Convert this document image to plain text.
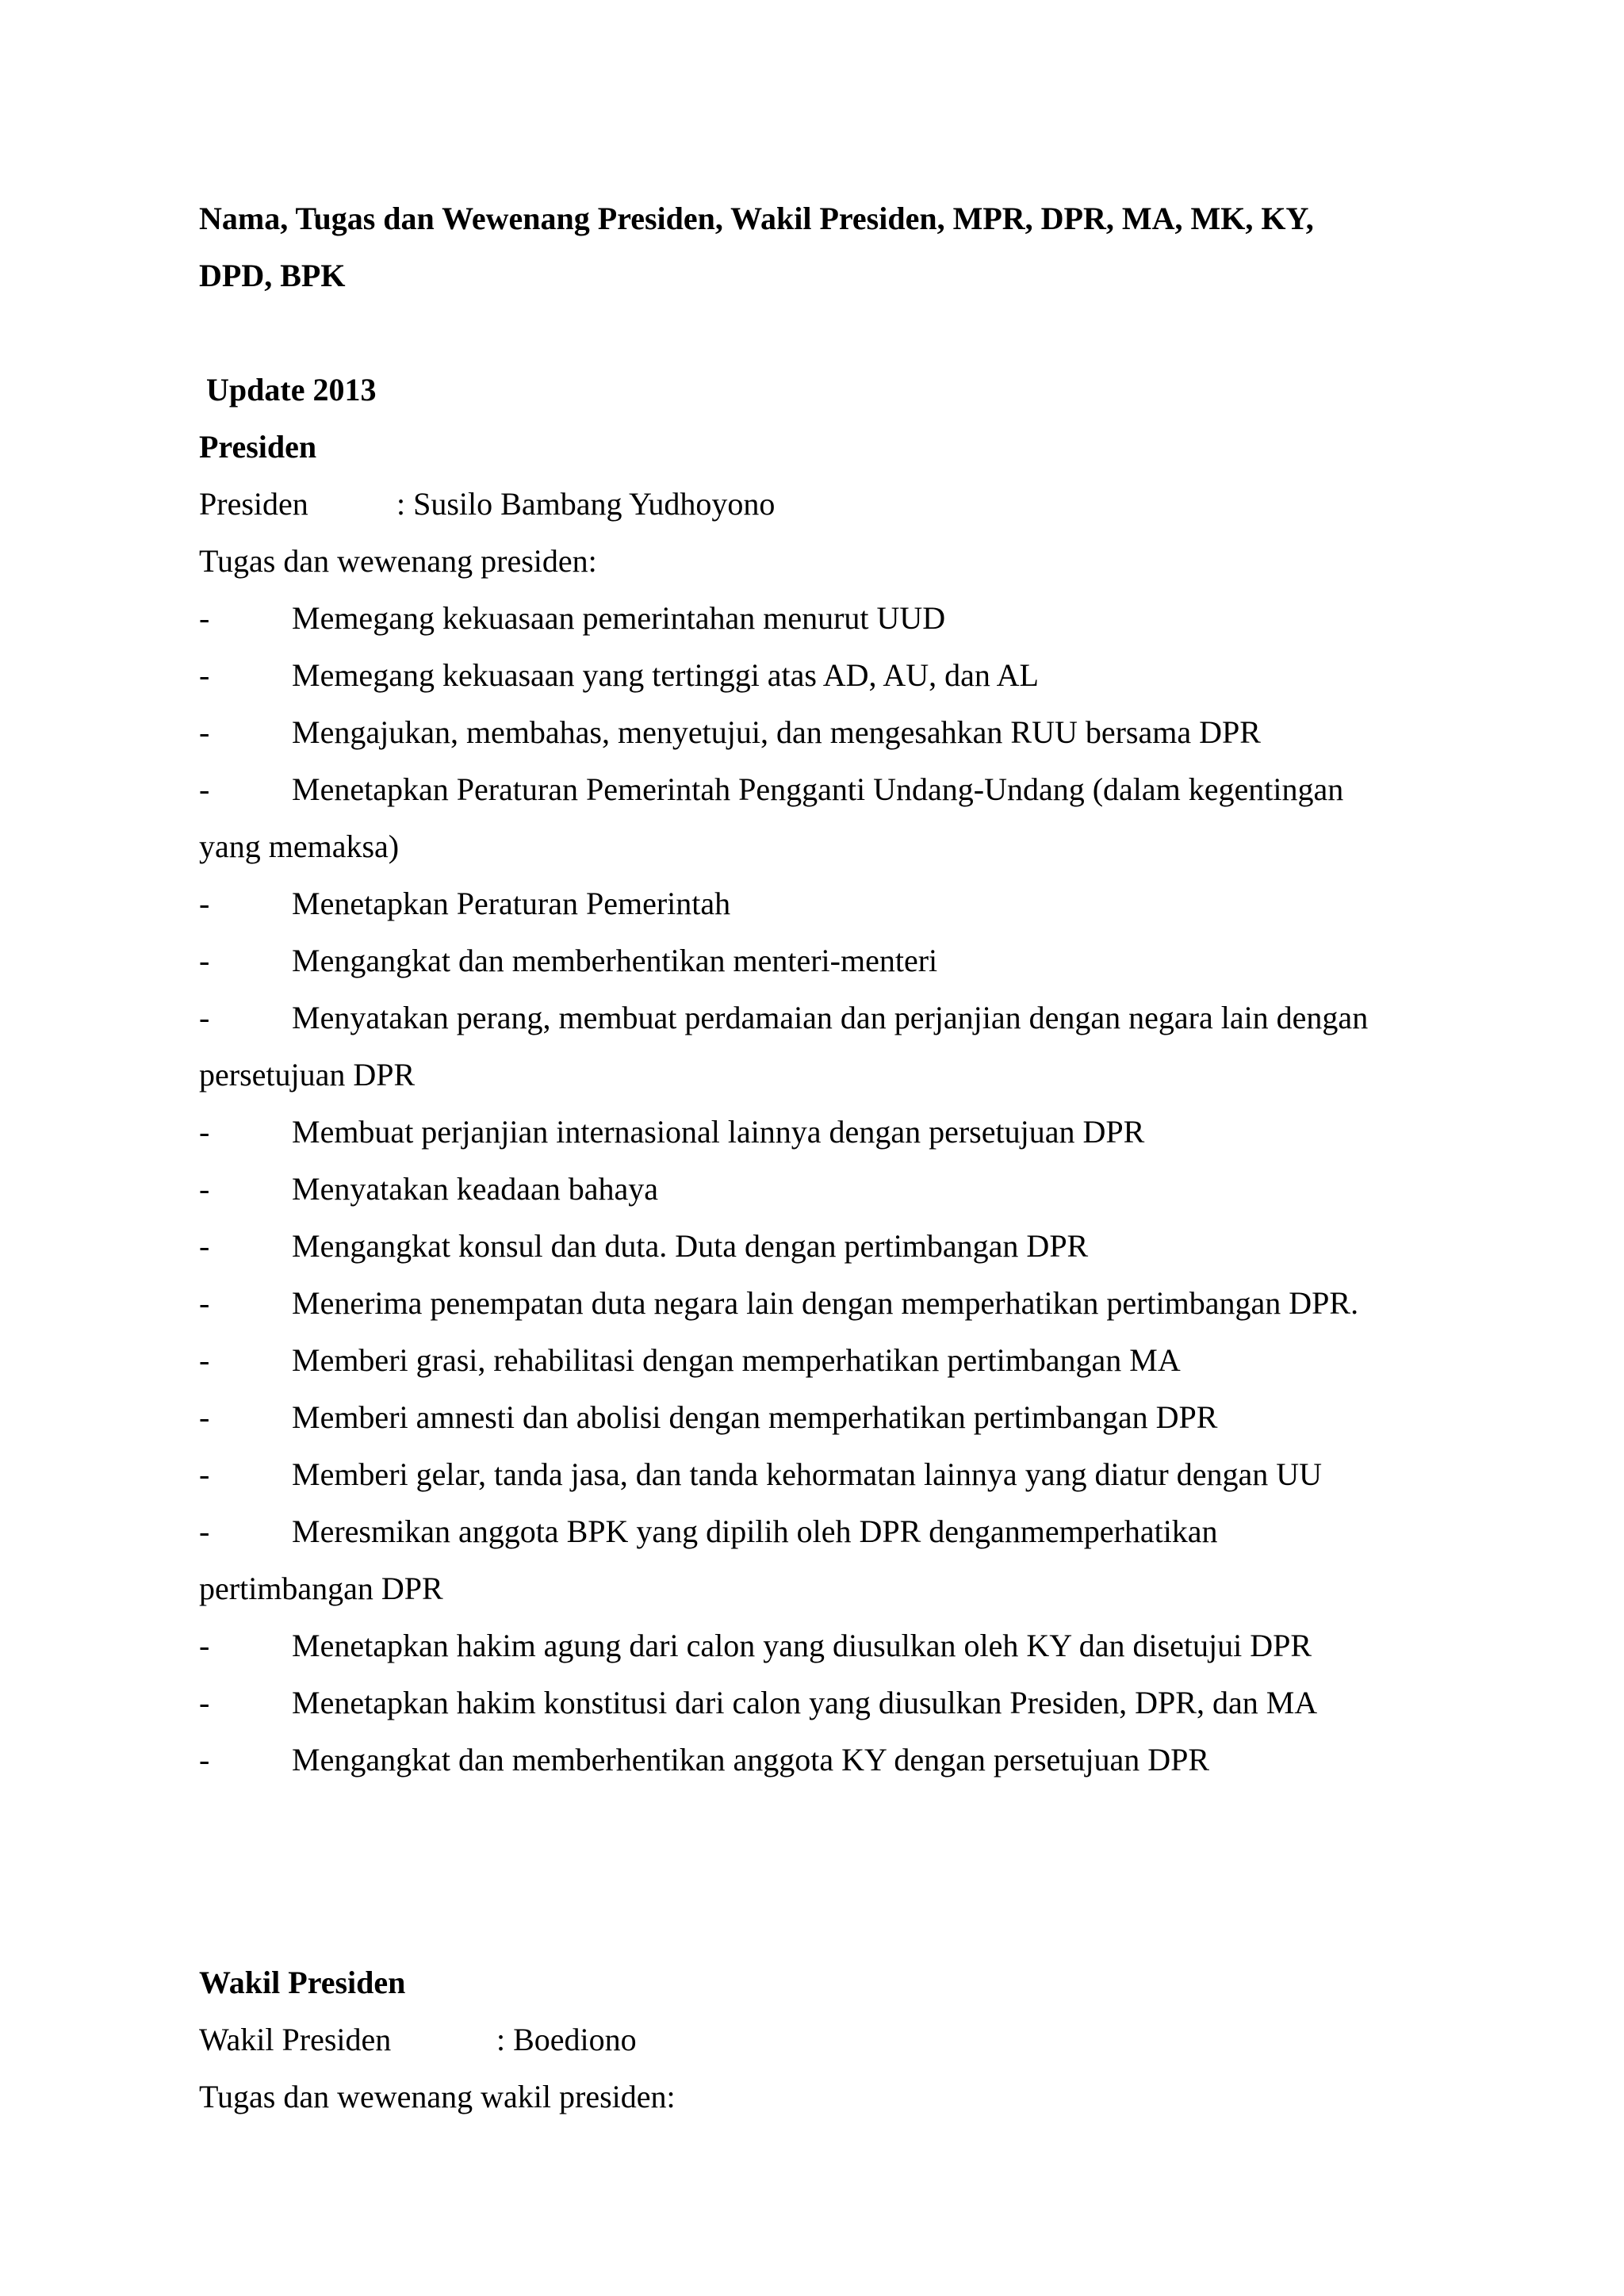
Nama, Tugas dan Wewenang Presiden, Wakil Presiden, MPR, DPR, MA, MK, KY,
DPD, BPK
Update 2013
Presiden
Presiden	: Susilo Bambang Yudhoyono
Tugas dan wewenang presiden:
-	Memegang kekuasaan pemerintahan menurut UUD
-	Memegang kekuasaan yang tertinggi atas AD, AU, dan AL
-	Mengajukan, membahas, menyetujui, dan mengesahkan RUU bersama DPR
-	Menetapkan Peraturan Pemerintah Pengganti Undang-Undang (dalam kegentingan
yang memaksa)
-	Menetapkan Peraturan Pemerintah
-	Mengangkat dan memberhentikan menteri-menteri
-	Menyatakan perang, membuat perdamaian dan perjanjian dengan negara lain dengan
persetujuan DPR
-	Membuat perjanjian internasional lainnya dengan persetujuan DPR
-	Menyatakan keadaan bahaya
-	Mengangkat konsul dan duta. Duta dengan pertimbangan DPR
-	Menerima penempatan duta negara lain dengan memperhatikan pertimbangan DPR.
-	Memberi grasi, rehabilitasi dengan memperhatikan pertimbangan MA
-	Memberi amnesti dan abolisi dengan memperhatikan pertimbangan DPR
-	Memberi gelar, tanda jasa, dan tanda kehormatan lainnya yang diatur dengan UU
-	Meresmikan anggota BPK yang dipilih oleh DPR denganmemperhatikan
pertimbangan DPR
-	Menetapkan hakim agung dari calon yang diusulkan oleh KY dan disetujui DPR
-	Menetapkan hakim konstitusi dari calon yang diusulkan Presiden, DPR, dan MA
-	Mengangkat dan memberhentikan anggota KY dengan persetujuan DPR
Wakil Presiden
Wakil Presiden	: Boediono
Tugas dan wewenang wakil presiden:
